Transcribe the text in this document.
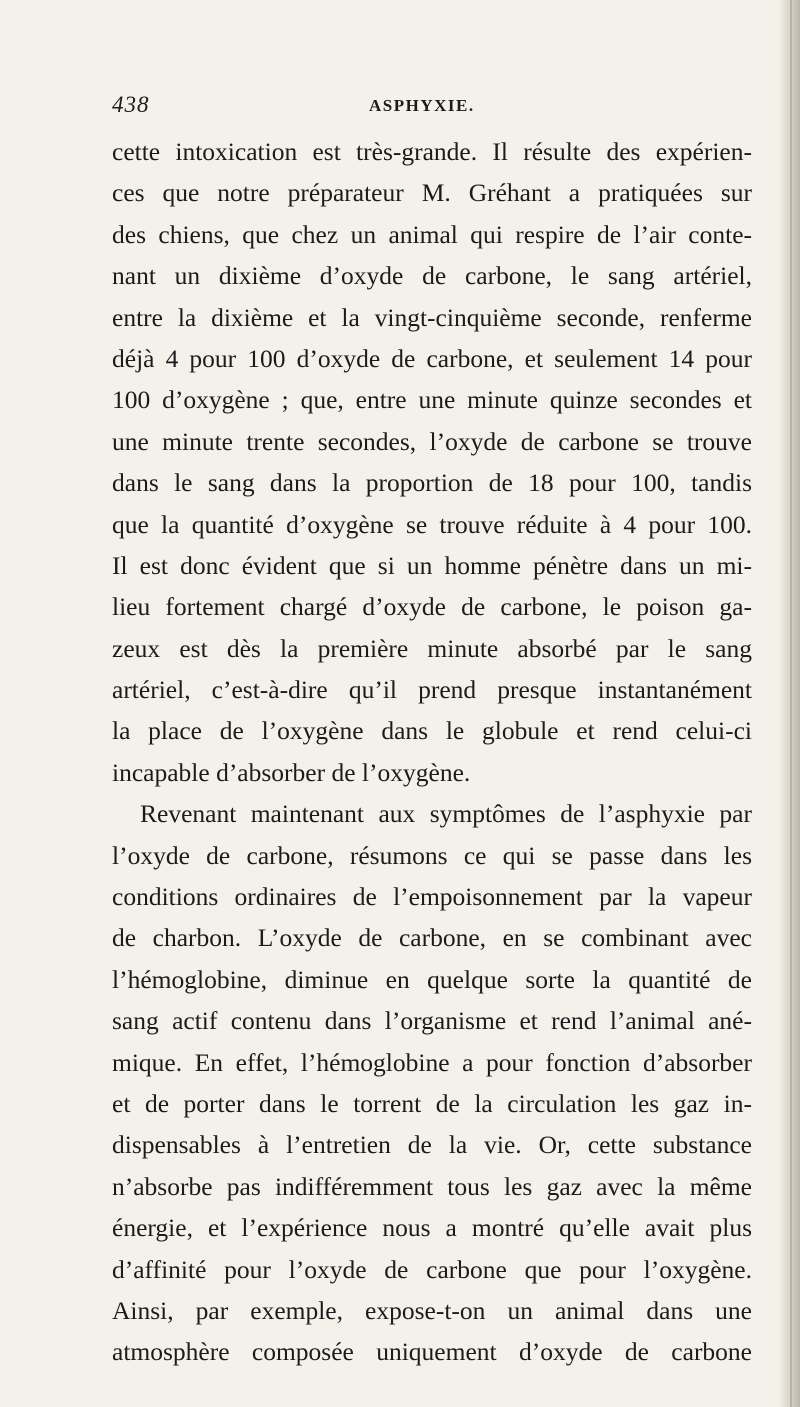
438	ASPHYXIE.
cette intoxication est très-grande. Il résulte des expérien-
ces que notre préparateur M. Gréhant a pratiquées sur
des chiens, que chez un animal qui respire de l’air conte-
nant un dixième d’oxyde de carbone, le sang artériel,
entre la dixième et la vingt-cinquième seconde, renferme
déjà 4 pour 100 d’oxyde de carbone, et seulement 14 pour
100 d’oxygène ; que, entre une minute quinze secondes et
une minute trente secondes, l’oxyde de carbone se trouve
dans le sang dans la proportion de 18 pour 100, tandis
que la quantité d’oxygène se trouve réduite à 4 pour 100.
Il est donc évident que si un homme pénètre dans un mi-
lieu fortement chargé d’oxyde de carbone, le poison ga-
zeux est dès la première minute absorbé par le sang
artériel, c’est-à-dire qu’il prend presque instantanément
la place de l’oxygène dans le globule et rend celui-ci
incapable d’absorber de l’oxygène.
Revenant maintenant aux symptômes de l’asphyxie par
l’oxyde de carbone, résumons ce qui se passe dans les
conditions ordinaires de l’empoisonnement par la vapeur
de charbon. L’oxyde de carbone, en se combinant avec
l’hémoglobine, diminue en quelque sorte la quantité de
sang actif contenu dans l’organisme et rend l’animal ané-
mique. En effet, l’hémoglobine a pour fonction d’absorber
et de porter dans le torrent de la circulation les gaz in-
dispensables à l’entretien de la vie. Or, cette substance
n’absorbe pas indifféremment tous les gaz avec la même
énergie, et l’expérience nous a montré qu’elle avait plus
d’affinité pour l’oxyde de carbone que pour l’oxygène.
Ainsi, par exemple, expose-t-on un animal dans une
atmosphère composée uniquement d’oxyde de carbone
